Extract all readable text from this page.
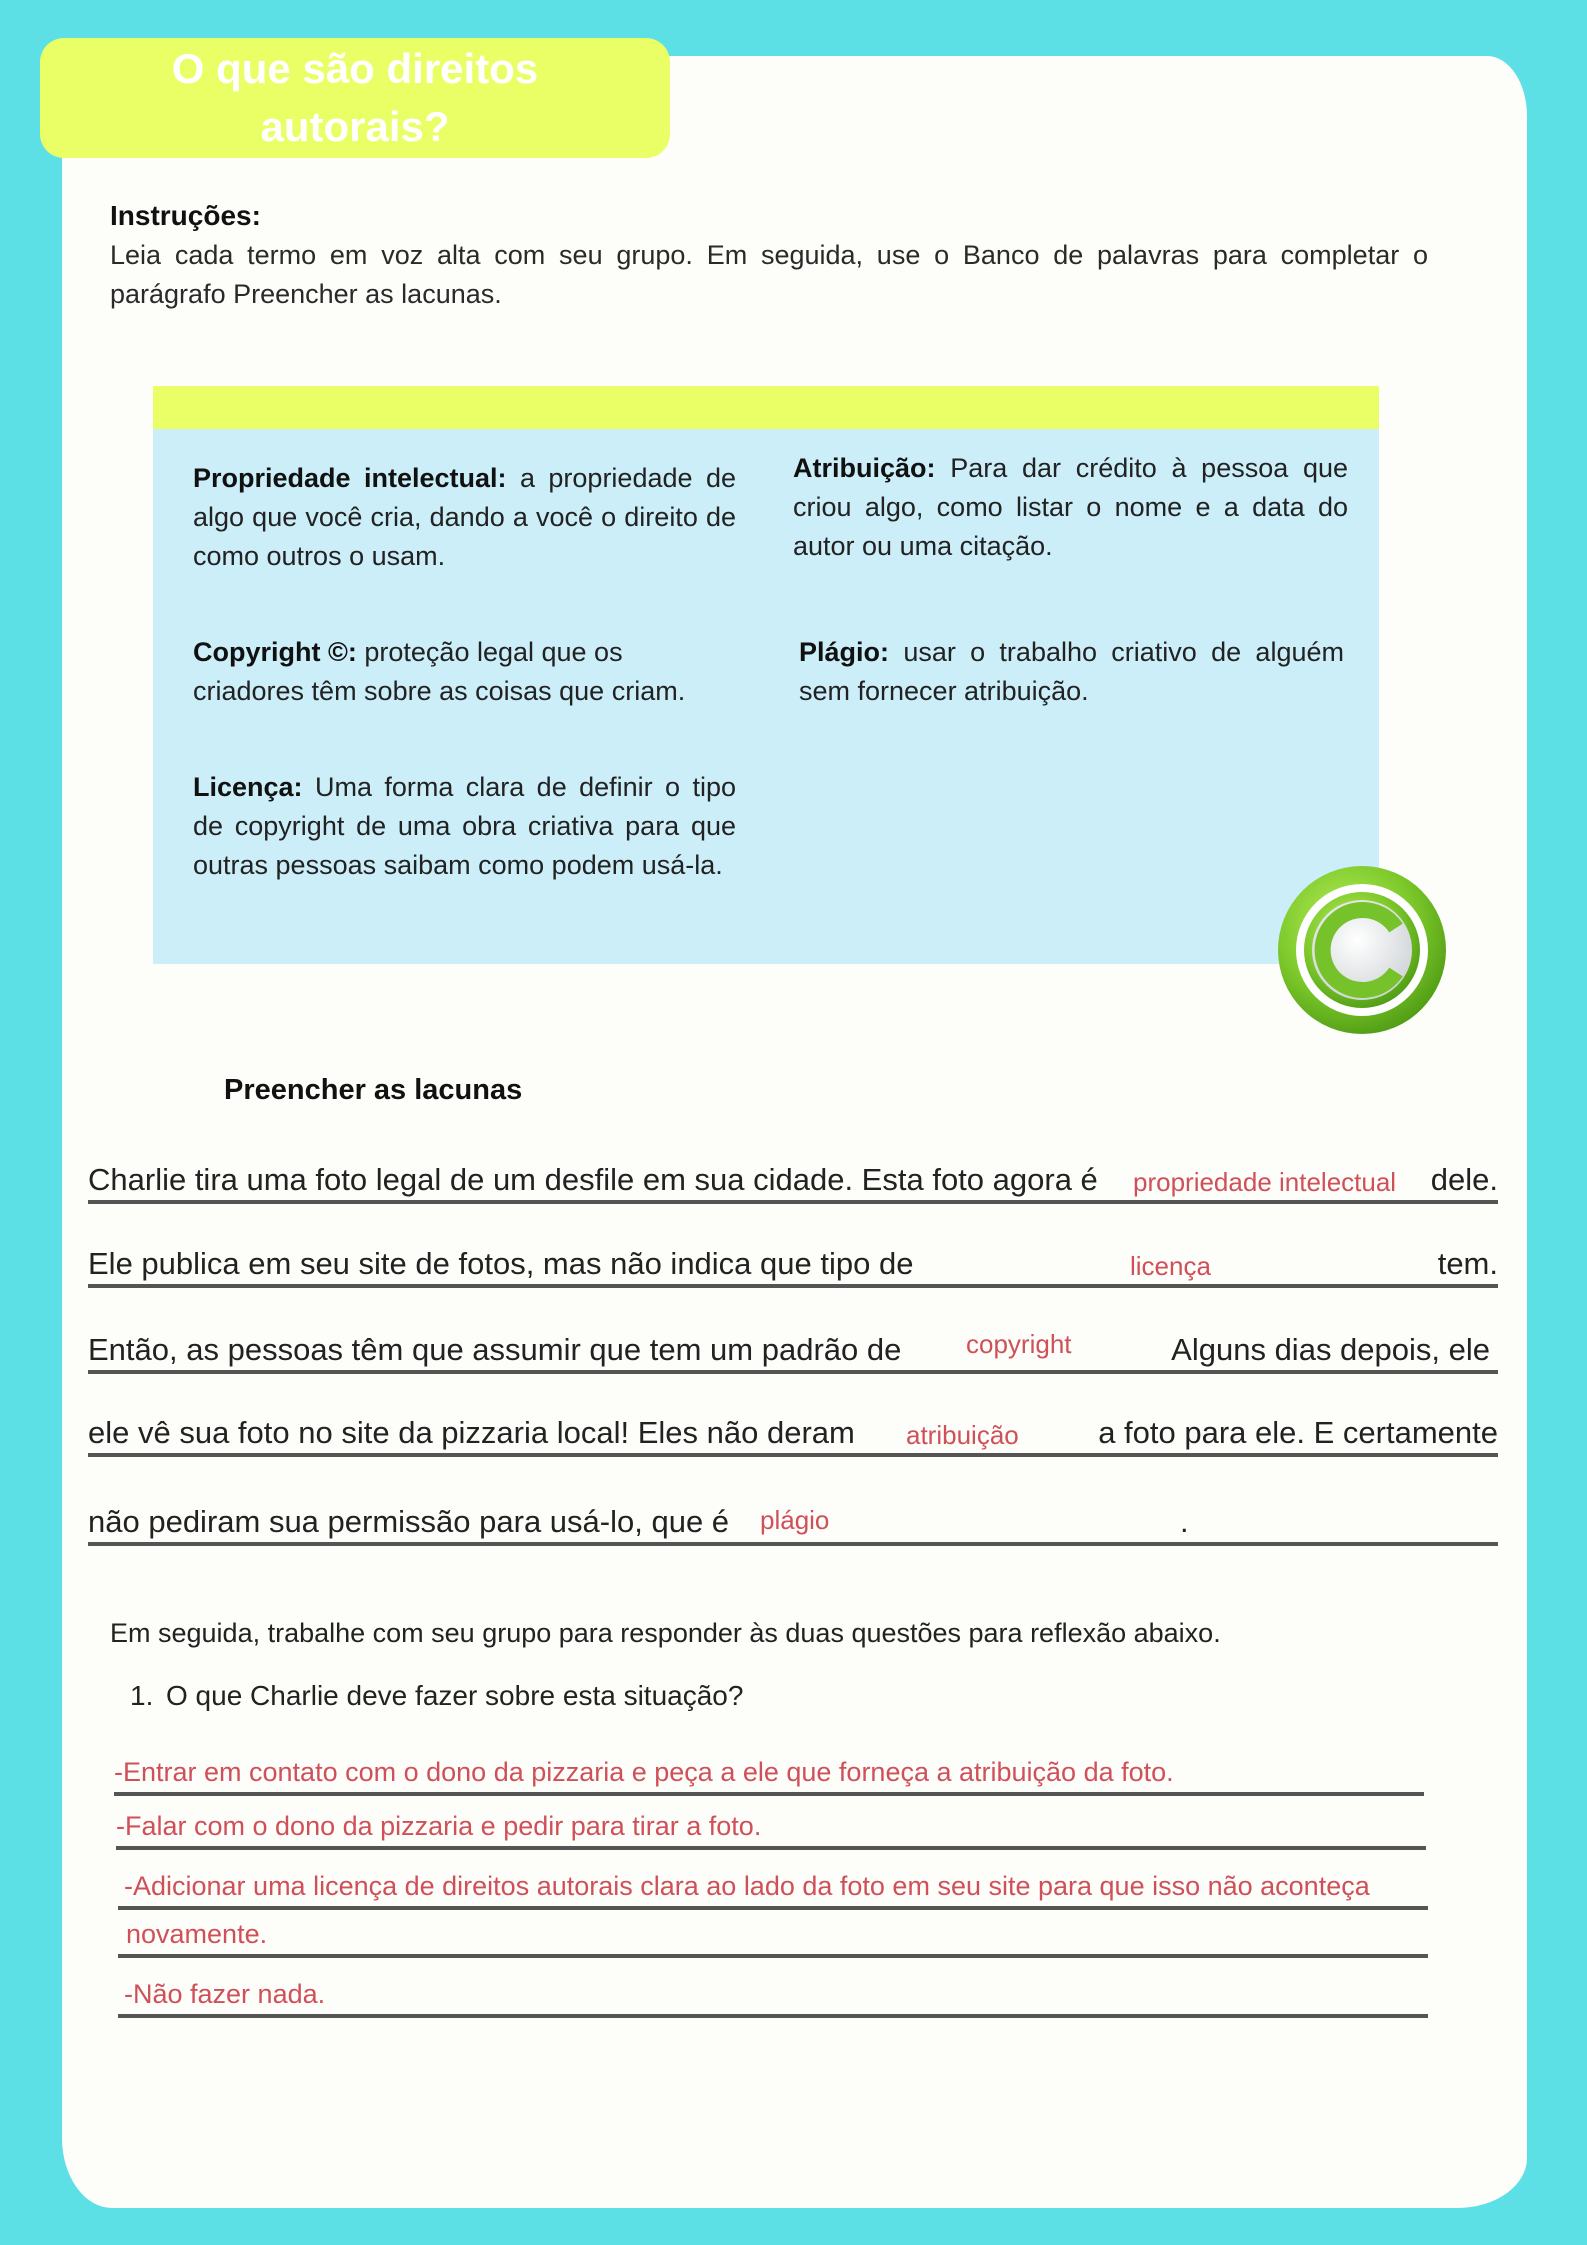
O que são direitos autorais?

Instruções:

Leia cada termo em voz alta com seu grupo. Em seguida, use o Banco de palavras para completar o parágrafo Preencher as lacunas.

Propriedade intelectual: a propriedade de algo que você cria, dando a você o direito de como outros o usam.
Atribuição: Para dar crédito à pessoa que criou algo, como listar o nome e a data do autor ou uma citação.
Copyright ©: proteção legal que os criadores têm sobre as coisas que criam.
Plágio: usar o trabalho criativo de alguém sem fornecer atribuição.
Licença: Uma forma clara de definir o tipo de copyright de uma obra criativa para que outras pessoas saibam como podem usá-la.
Preencher as lacunas
Charlie tira uma foto legal de um desfile em sua cidade. Esta foto agora é propriedade intelectual dele.
Ele publica em seu site de fotos, mas não indica que tipo de	licença	tem.
Então, as pessoas têm que assumir que tem um padrão de copyright	Alguns dias depois, ele
ele vê sua foto no site da pizzaria local! Eles não deram atribuição	a foto para ele. E certamente
não pediram sua permissão para usá-lo, que é plágio	.
Em seguida, trabalhe com seu grupo para responder às duas questões para reflexão abaixo.
1. O que Charlie deve fazer sobre esta situação?
-Entrar em contato com o dono da pizzaria e peça a ele que forneça a atribuição da foto.
-Falar com o dono da pizzaria e pedir para tirar a foto.
-Adicionar uma licença de direitos autorais clara ao lado da foto em seu site para que isso não aconteça
novamente.
-Não fazer nada.
